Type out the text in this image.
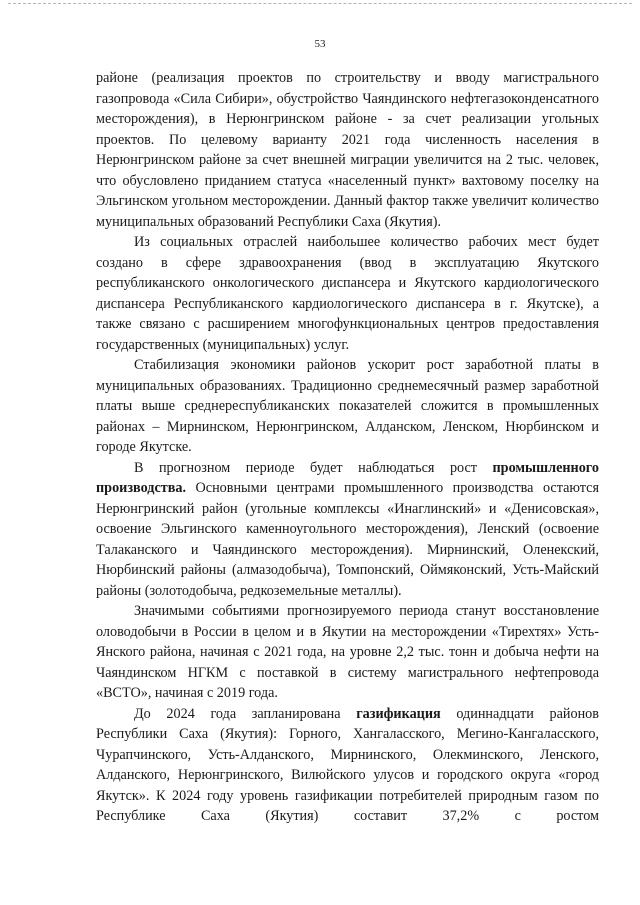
53

районе (реализация проектов по строительству и вводу магистрального газопровода «Сила Сибири», обустройство Чаяндинского нефтегазоконденсатного месторождения), в Нерюнгринском районе - за счет реализации угольных проектов. По целевому варианту 2021 года численность населения в Нерюнгринском районе за счет внешней миграции увеличится на 2 тыс. человек, что обусловлено приданием статуса «населенный пункт» вахтовому поселку на Эльгинском угольном месторождении. Данный фактор также увеличит количество муниципальных образований Республики Саха (Якутия).

Из социальных отраслей наибольшее количество рабочих мест будет создано в сфере здравоохранения (ввод в эксплуатацию Якутского республиканского онкологического диспансера и Якутского кардиологического диспансера Республиканского кардиологического диспансера в г. Якутске), а также связано с расширением многофункциональных центров предоставления государственных (муниципальных) услуг.

Стабилизация экономики районов ускорит рост заработной платы в муниципальных образованиях. Традиционно среднемесячный размер заработной платы выше среднереспубликанских показателей сложится в промышленных районах – Мирнинском, Нерюнгринском, Алданском, Ленском, Нюрбинском и городе Якутске.

В прогнозном периоде будет наблюдаться рост промышленного производства. Основными центрами промышленного производства остаются Нерюнгринский район (угольные комплексы «Инаглинский» и «Денисовская», освоение Эльгинского каменноугольного месторождения), Ленский (освоение Талаканского и Чаяндинского месторождения). Мирнинский, Оленекский, Нюрбинский районы (алмазодобыча), Томпонский, Оймяконский, Усть-Майский районы (золотодобыча, редкоземельные металлы).

Значимыми событиями прогнозируемого периода станут восстановление оловодобычи в России в целом и в Якутии на месторождении «Тирехтях» Усть-Янского района, начиная с 2021 года, на уровне 2,2 тыс. тонн и добыча нефти на Чаяндинском НГКМ с поставкой в систему магистрального нефтепровода «ВСТО», начиная с 2019 года.

До 2024 года запланирована газификация одиннадцати районов Республики Саха (Якутия): Горного, Хангаласского, Мегино-Кангаласского, Чурапчинского, Усть-Алданского, Мирнинского, Олекминского, Ленского, Алданского, Нерюнгринского, Вилюйского улусов и городского округа «город Якутск». К 2024 году уровень газификации потребителей природным газом по Республике Саха (Якутия) составит 37,2% с ростом
